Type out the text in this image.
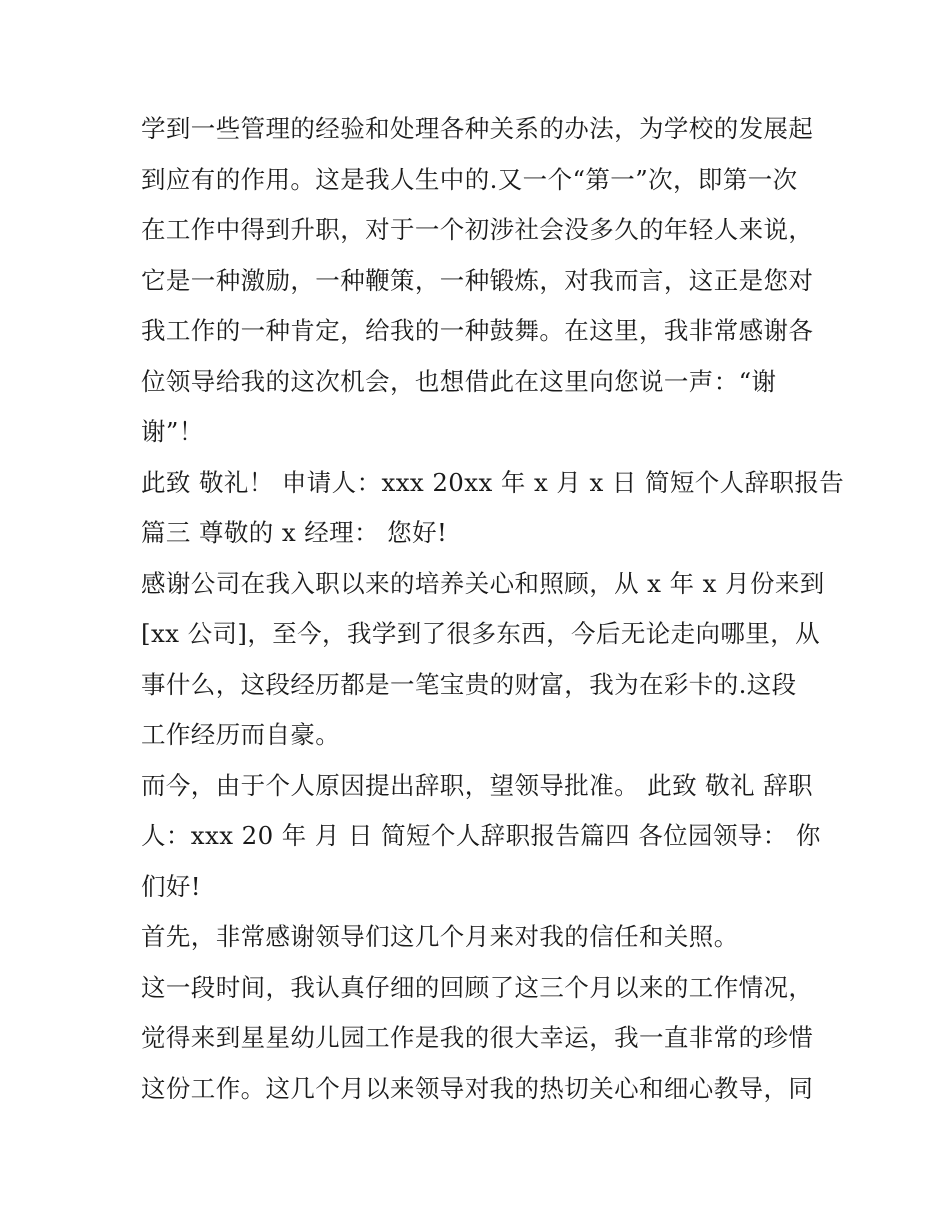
学到一些管理的经验和处理各种关系的办法，为学校的发展起
到应有的作用。这是我人生中的.又一个“第一”次，即第一次
在工作中得到升职，对于一个初涉社会没多久的年轻人来说，
它是一种激励，一种鞭策，一种锻炼，对我而言，这正是您对
我工作的一种肯定，给我的一种鼓舞。在这里，我非常感谢各
位领导给我的这次机会，也想借此在这里向您说一声：“谢
谢”！
此致 敬礼！ 申请人：xxx 20xx 年 x 月 x 日 简短个人辞职报告
篇三 尊敬的 x 经理： 您好!
感谢公司在我入职以来的培养关心和照顾，从 x 年 x 月份来到
[xx 公司]，至今，我学到了很多东西，今后无论走向哪里，从
事什么，这段经历都是一笔宝贵的财富，我为在彩卡的.这段
工作经历而自豪。
而今，由于个人原因提出辞职，望领导批准。 此致 敬礼 辞职
人：xxx 20 年 月 日 简短个人辞职报告篇四 各位园领导： 你
们好!
首先，非常感谢领导们这几个月来对我的信任和关照。
这一段时间，我认真仔细的回顾了这三个月以来的工作情况，
觉得来到星星幼儿园工作是我的很大幸运，我一直非常的珍惜
这份工作。这几个月以来领导对我的热切关心和细心教导，同
